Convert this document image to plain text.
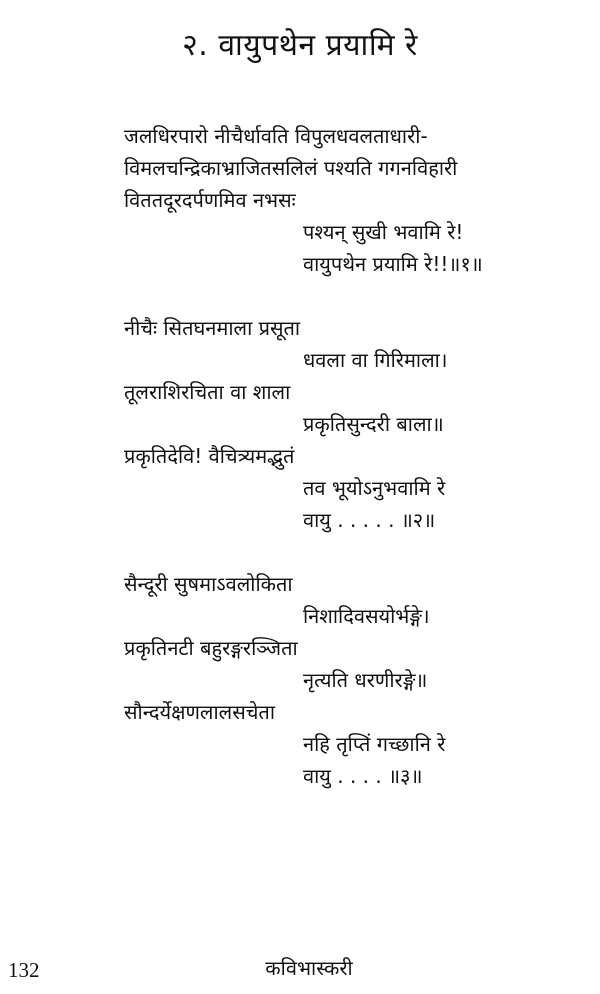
२. वायुपथेन प्रयामि रे
जलधिरपारो नीचैर्धावति विपुलधवलताधारी-
विमलचन्द्रिकाभ्राजितसलिलं पश्यति गगनविहारी
विततदूरदर्पणमिव नभसः
पश्यन् सुखी भवामि रे!
वायुपथेन प्रयामि रे!!॥१॥
नीचैः सितघनमाला प्रसूता
धवला वा गिरिमाला।
तूलराशिरचिता वा शाला
प्रकृतिसुन्दरी बाला॥
प्रकृतिदेवि! वैचित्र्यमद्भुतं
तव भूयोऽनुभवामि रे
वायु . . . . . ॥२॥
सैन्दूरी सुषमाऽवलोकिता
निशादिवसयोर्भङ्गे।
प्रकृतिनटी बहुरङ्गरञ्जिता
नृत्यति धरणीरङ्गे॥
सौन्दर्येक्षणलालसचेता
नहि तृप्तिं गच्छानि रे
वायु . . . . ॥३॥
132	कविभास्करी
